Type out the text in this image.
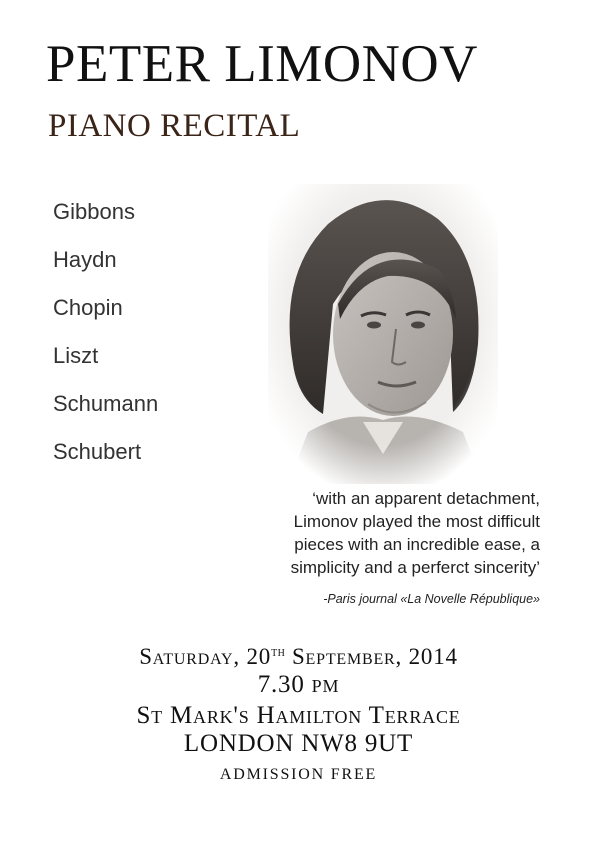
PETER LIMONOV
PIANO RECITAL
Gibbons
Haydn
Chopin
Liszt
Schumann
Schubert

‘with an apparent detachment,
Limonov played the most difficult
pieces with an incredible ease, a
simplicity and a perferct sincerity’

-Paris journal «La Novelle République»
Saturday, 20th September, 2014
7.30 pm
St Mark's Hamilton Terrace
LONDON NW8 9UT
ADMISSION FREE
